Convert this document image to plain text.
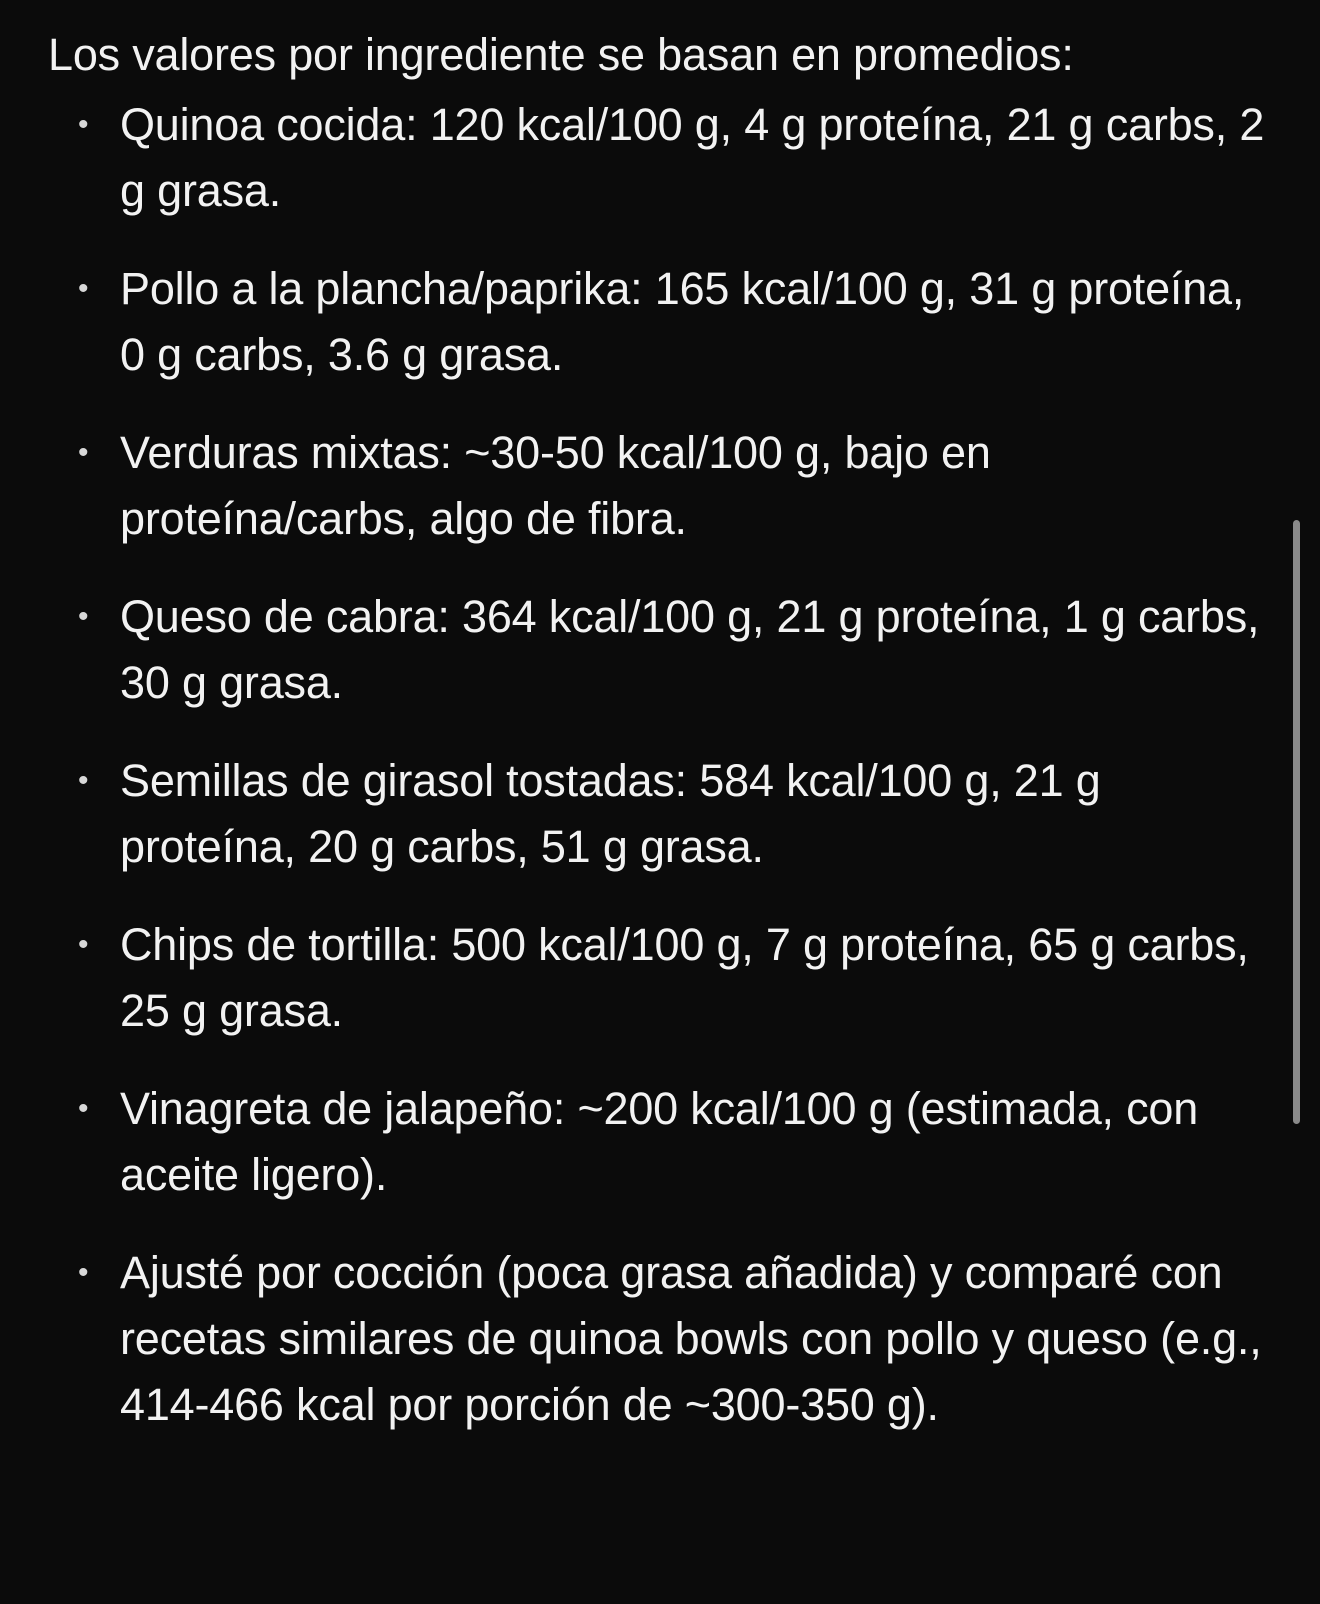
Los valores por ingrediente se basan en promedios:

• Quinoa cocida: 120 kcal/100 g, 4 g proteína, 21 g carbs, 2 g grasa.
• Pollo a la plancha/paprika: 165 kcal/100 g, 31 g proteína, 0 g carbs, 3.6 g grasa.
• Verduras mixtas: ~30-50 kcal/100 g, bajo en proteína/carbs, algo de fibra.
• Queso de cabra: 364 kcal/100 g, 21 g proteína, 1 g carbs, 30 g grasa.
• Semillas de girasol tostadas: 584 kcal/100 g, 21 g proteína, 20 g carbs, 51 g grasa.
• Chips de tortilla: 500 kcal/100 g, 7 g proteína, 65 g carbs, 25 g grasa.
• Vinagreta de jalapeño: ~200 kcal/100 g (estimada, con aceite ligero).
• Ajusté por cocción (poca grasa añadida) y comparé con recetas similares de quinoa bowls con pollo y queso (e.g., 414-466 kcal por porción de ~300-350 g).
